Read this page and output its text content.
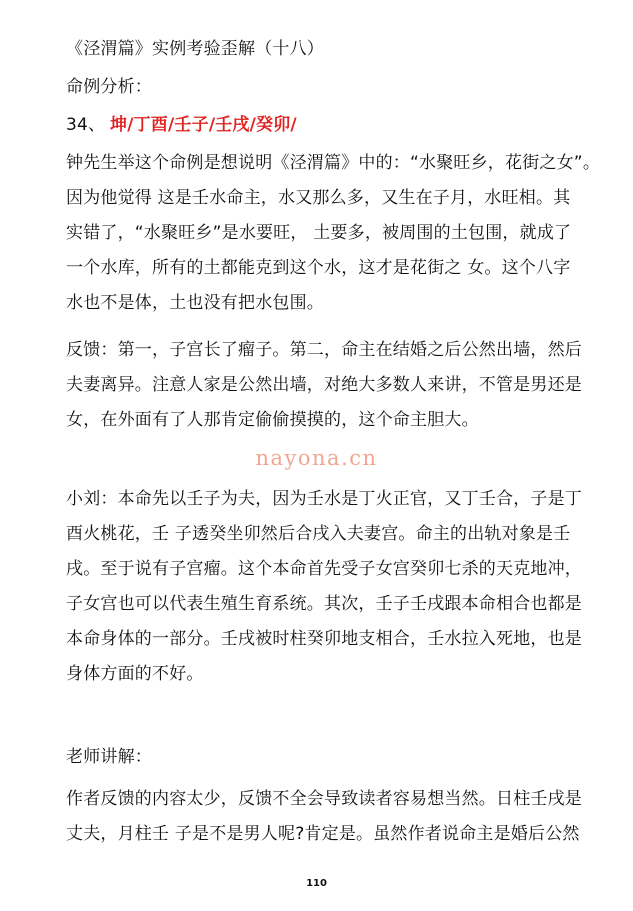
《泾渭篇》实例考验歪解（十八）
命例分析：
34、 坤/丁酉/壬子/壬戌/癸卯/
钟先生举这个命例是想说明《泾渭篇》中的：“水聚旺乡，花街之女”。
因为他觉得 这是壬水命主，水又那么多，又生在子月，水旺相。其
实错了，“水聚旺乡”是水要旺， 土要多，被周围的土包围，就成了
一个水库，所有的土都能克到这个水，这才是花街之 女。这个八字
水也不是体，土也没有把水包围。
反馈：第一，子宫长了瘤子。第二，命主在结婚之后公然出墙，然后
夫妻离异。注意人家是公然出墙，对绝大多数人来讲，不管是男还是
女，在外面有了人那肯定偷偷摸摸的，这个命主胆大。
nayona.cn
小刘：本命先以壬子为夫，因为壬水是丁火正官，又丁壬合，子是丁
酉火桃花，壬 子透癸坐卯然后合戌入夫妻宫。命主的出轨对象是壬
戌。至于说有子宫瘤。这个本命首先受子女宫癸卯七杀的天克地冲，
子女宫也可以代表生殖生育系统。其次，壬子壬戌跟本命相合也都是
本命身体的一部分。壬戌被时柱癸卯地支相合，壬水拉入死地，也是
身体方面的不好。
老师讲解：
作者反馈的内容太少，反馈不全会导致读者容易想当然。日柱壬戌是
丈夫，月柱壬 子是不是男人呢?肯定是。虽然作者说命主是婚后公然
110
